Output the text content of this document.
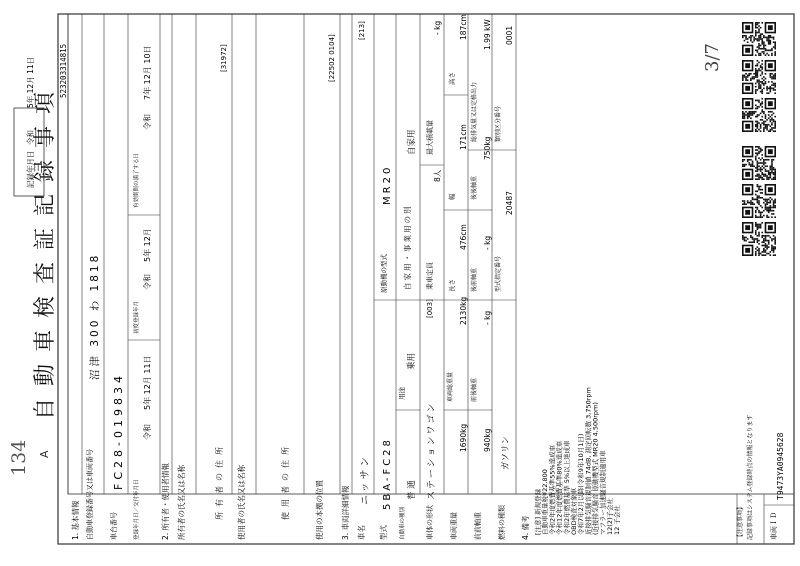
134 A
自動車検査証記録事項
記録年月日
令和
5年 12月 11日	523203314815
1. 基本情報 自動車登録番号又は車両番号
沼津 300 わ 1818
車台番号
FC28-019834
登録年月日／交付年月日
令和
5年 12月 11日
初度登録年月
令和
5年 12月
有効期間の満了する日
令和
7年 12月 10日
2. 所有者・使用者情報 所有者の氏名又は名称	所有者の住所
[31972]
使用者の氏名又は名称	使用者の住所	使用の本拠の位置
[22502 0104]
3. 車両詳細情報 車名
ニッサン
[213]
型式
5BA-FC28
原動機の型式
MR20
自動車の種別
普 通
用途
乗用
自家用・事業用の別
自家用
車体の形状
ステーションワゴン
[003]
乗車定員
8人
最大積載量
- kg
車両重量
1690kg
車両総重量
2130kg
長さ
476cm
幅
171cm
高さ
187cm
前前軸重
940kg
前後軸重
- kg
後前軸重
- kg
後後軸重
750kg
総排気量又は定格出力
1.99 kW
燃料の種類
ガソリン
型式指定番号
20487
類別区分番号
0001
4. 備考 [注意] 新規登録 自動車重量税¥22,800 令和2年度燃費基準55%達成車 令和12年度燃費基準80%達成車 令和2年燃費基準 5%以上達成車 OBD検査対象車 令和7年2月以降(令和9年10月1日) 近接排気騒音規制値 74dB, 測定回転数 3,750rpm (近接排気騒音 原動機型式 MR20 4,500rpm) マフラー加速騒音規制適用車 12(2)子会社 12 子会社
3/7
【注意事項】 記録事項はシステム登録時点の情報となります 車両ＩＤ
T9473YA0945628
